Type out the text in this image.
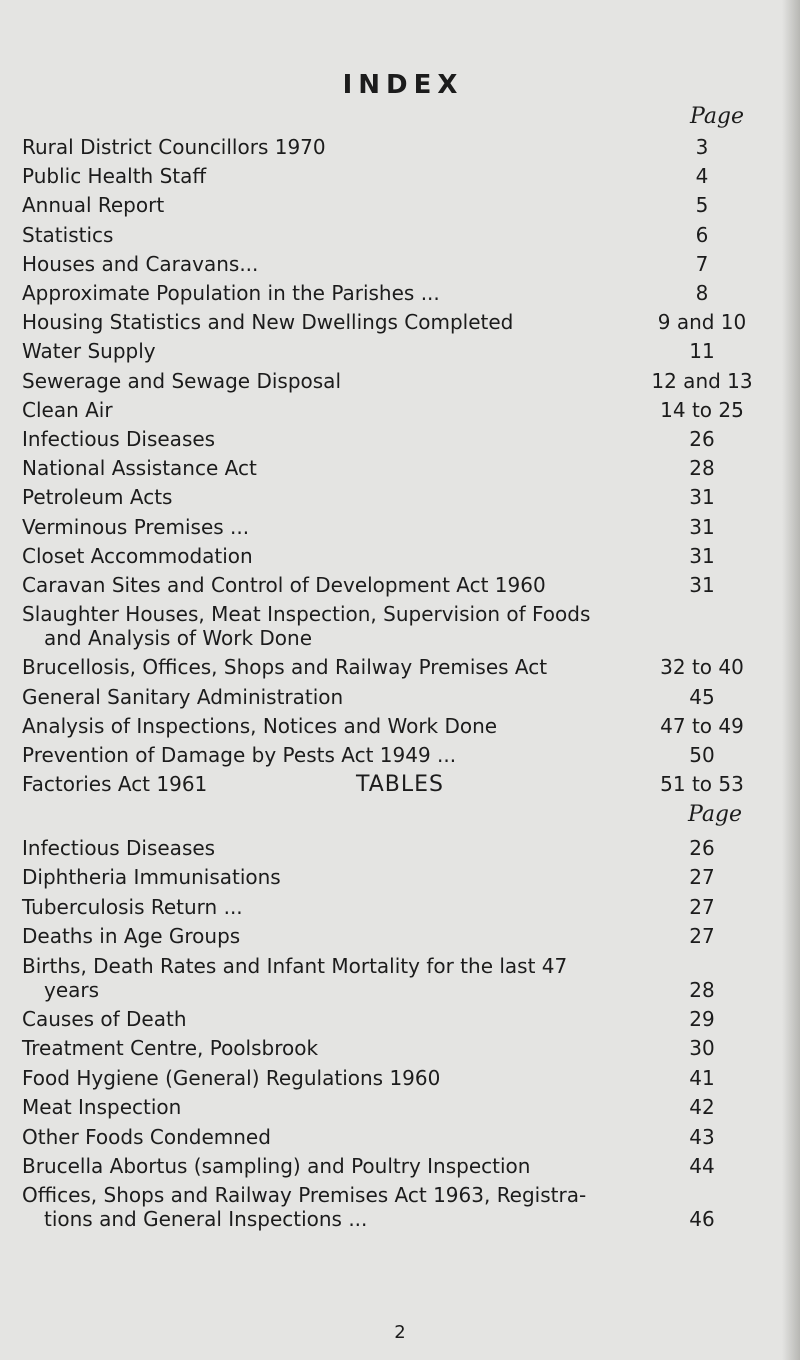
INDEX
Page
Rural District Councillors 1970	3
Public Health Staff	4
Annual Report	5
Statistics	6
Houses and Caravans...	7
Approximate Population in the Parishes ...	8
Housing Statistics and New Dwellings Completed	9 and 10
Water Supply	11
Sewerage and Sewage Disposal	12 and 13
Clean Air	14 to 25
Infectious Diseases	26
National Assistance Act	28
Petroleum Acts	31
Verminous Premises ...	31
Closet Accommodation	31
Caravan Sites and Control of Development Act 1960	31
Slaughter Houses, Meat Inspection, Supervision of Foods
and Analysis of Work Done
Brucellosis, Offices, Shops and Railway Premises Act	32 to 40
General Sanitary Administration	45
Analysis of Inspections, Notices and Work Done	47 to 49
Prevention of Damage by Pests Act 1949 ...	50
Factories Act 1961	51 to 53
TABLES
Page
Infectious Diseases	26
Diphtheria Immunisations	27
Tuberculosis Return ...	27
Deaths in Age Groups	27
Births, Death Rates and Infant Mortality for the last 47
years	28
Causes of Death	29
Treatment Centre, Poolsbrook	30
Food Hygiene (General) Regulations 1960	41
Meat Inspection	42
Other Foods Condemned	43
Brucella Abortus (sampling) and Poultry Inspection	44
Offices, Shops and Railway Premises Act 1963, Registra-
tions and General Inspections ...	46
2
